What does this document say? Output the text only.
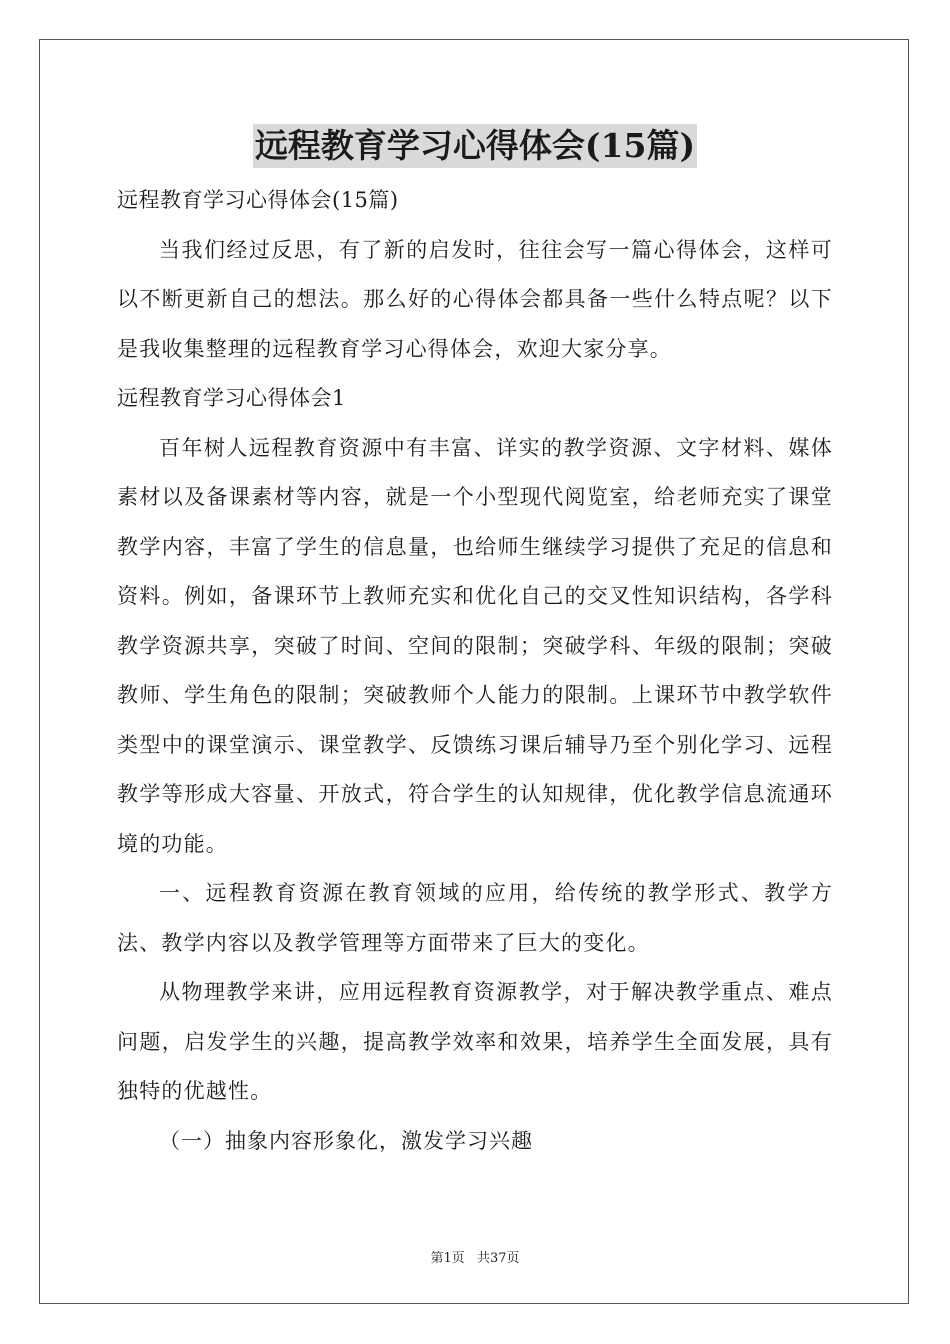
远程教育学习心得体会(15篇)

远程教育学习心得体会(15篇)

当我们经过反思，有了新的启发时，往往会写一篇心得体会，这样可以不断更新自己的想法。那么好的心得体会都具备一些什么特点呢？以下是我收集整理的远程教育学习心得体会，欢迎大家分享。

远程教育学习心得体会1

百年树人远程教育资源中有丰富、详实的教学资源、文字材料、媒体素材以及备课素材等内容，就是一个小型现代阅览室，给老师充实了课堂教学内容，丰富了学生的信息量，也给师生继续学习提供了充足的信息和资料。例如，备课环节上教师充实和优化自己的交叉性知识结构，各学科教学资源共享，突破了时间、空间的限制；突破学科、年级的限制；突破教师、学生角色的限制；突破教师个人能力的限制。上课环节中教学软件类型中的课堂演示、课堂教学、反馈练习课后辅导乃至个别化学习、远程教学等形成大容量、开放式，符合学生的认知规律，优化教学信息流通环境的功能。

一、远程教育资源在教育领域的应用，给传统的教学形式、教学方法、教学内容以及教学管理等方面带来了巨大的变化。

从物理教学来讲，应用远程教育资源教学，对于解决教学重点、难点问题，启发学生的兴趣，提高教学效率和效果，培养学生全面发展，具有独特的优越性。

（一）抽象内容形象化，激发学习兴趣

第1页 共37页
